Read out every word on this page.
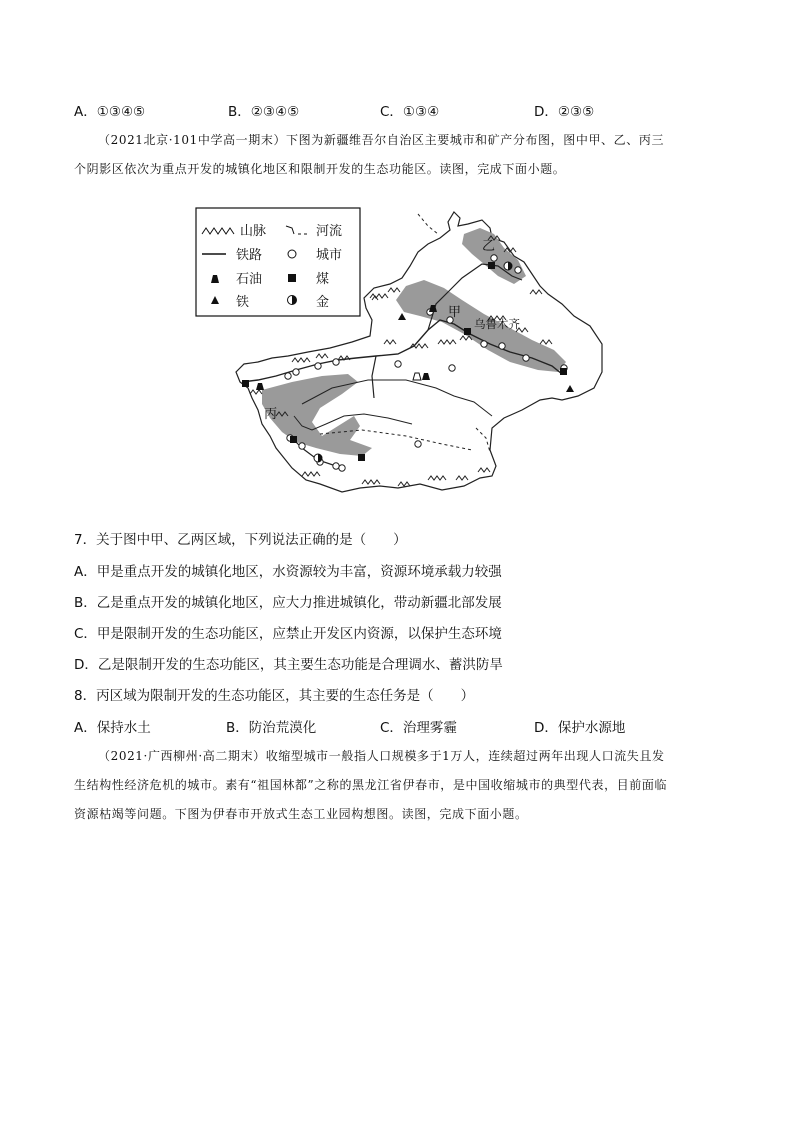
A．①③④⑤	B．②③④⑤	C．①③④	D．②③⑤
（2021北京·101中学高一期末）下图为新疆维吾尔自治区主要城市和矿产分布图，图中甲、乙、丙三
个阴影区依次为重点开发的城镇化地区和限制开发的生态功能区。读图，完成下面小题。
甲
乙
丙
乌鲁木齐
山脉	河流
铁路	城市
石油	煤
铁	金
7．关于图中甲、乙两区域，下列说法正确的是（　　）
A．甲是重点开发的城镇化地区，水资源较为丰富，资源环境承载力较强
B．乙是重点开发的城镇化地区，应大力推进城镇化，带动新疆北部发展
C．甲是限制开发的生态功能区，应禁止开发区内资源，以保护生态环境
D．乙是限制开发的生态功能区，其主要生态功能是合理调水、蓄洪防旱
8．丙区域为限制开发的生态功能区，其主要的生态任务是（　　）
A．保持水土	B．防治荒漠化	C．治理雾霾	D．保护水源地
（2021·广西柳州·高二期末）收缩型城市一般指人口规模多于1万人，连续超过两年出现人口流失且发
生结构性经济危机的城市。素有“祖国林都”之称的黑龙江省伊春市，是中国收缩城市的典型代表，目前面临
资源枯竭等问题。下图为伊春市开放式生态工业园构想图。读图，完成下面小题。
